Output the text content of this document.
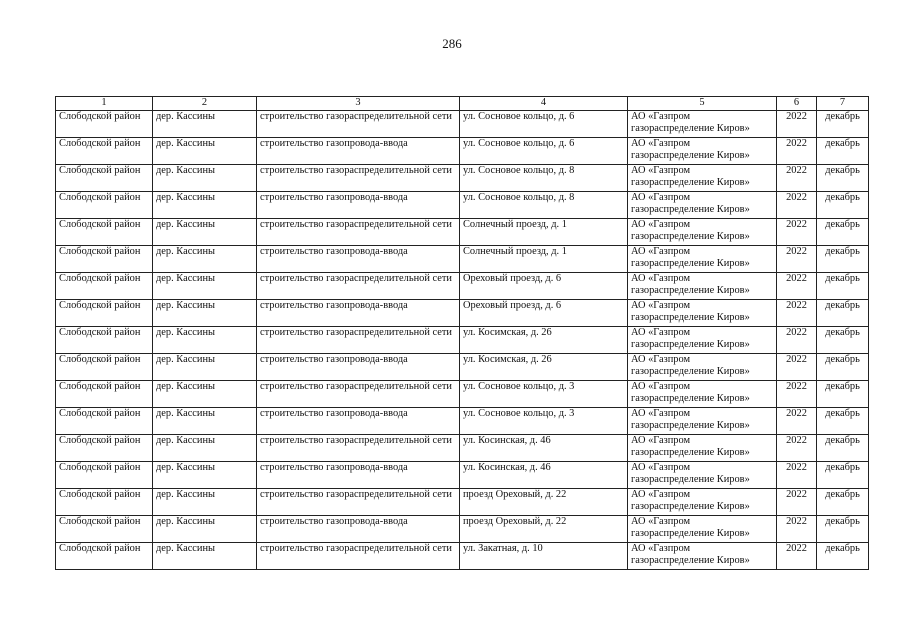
286
1	2	3	4	5	6	7
Слободской район	дер. Кассины	строительство газораспределительной сети	ул. Сосновое кольцо, д. 6	АО «Газпром газораспределение Киров»	2022	декабрь
Слободской район	дер. Кассины	строительство газопровода-ввода	ул. Сосновое кольцо, д. 6	АО «Газпром газораспределение Киров»	2022	декабрь
Слободской район	дер. Кассины	строительство газораспределительной сети	ул. Сосновое кольцо, д. 8	АО «Газпром газораспределение Киров»	2022	декабрь
Слободской район	дер. Кассины	строительство газопровода-ввода	ул. Сосновое кольцо, д. 8	АО «Газпром газораспределение Киров»	2022	декабрь
Слободской район	дер. Кассины	строительство газораспределительной сети	Солнечный проезд, д. 1	АО «Газпром газораспределение Киров»	2022	декабрь
Слободской район	дер. Кассины	строительство газопровода-ввода	Солнечный проезд, д. 1	АО «Газпром газораспределение Киров»	2022	декабрь
Слободской район	дер. Кассины	строительство газораспределительной сети	Ореховый проезд, д. 6	АО «Газпром газораспределение Киров»	2022	декабрь
Слободской район	дер. Кассины	строительство газопровода-ввода	Ореховый проезд, д. 6	АО «Газпром газораспределение Киров»	2022	декабрь
Слободской район	дер. Кассины	строительство газораспределительной сети	ул. Косимская, д. 26	АО «Газпром газораспределение Киров»	2022	декабрь
Слободской район	дер. Кассины	строительство газопровода-ввода	ул. Косимская, д. 26	АО «Газпром газораспределение Киров»	2022	декабрь
Слободской район	дер. Кассины	строительство газораспределительной сети	ул. Сосновое кольцо, д. 3	АО «Газпром газораспределение Киров»	2022	декабрь
Слободской район	дер. Кассины	строительство газопровода-ввода	ул. Сосновое кольцо, д. 3	АО «Газпром газораспределение Киров»	2022	декабрь
Слободской район	дер. Кассины	строительство газораспределительной сети	ул. Косинская, д. 46	АО «Газпром газораспределение Киров»	2022	декабрь
Слободской район	дер. Кассины	строительство газопровода-ввода	ул. Косинская, д. 46	АО «Газпром газораспределение Киров»	2022	декабрь
Слободской район	дер. Кассины	строительство газораспределительной сети	проезд Ореховый, д. 22	АО «Газпром газораспределение Киров»	2022	декабрь
Слободской район	дер. Кассины	строительство газопровода-ввода	проезд Ореховый, д. 22	АО «Газпром газораспределение Киров»	2022	декабрь
Слободской район	дер. Кассины	строительство газораспределительной сети	ул. Закатная, д. 10	АО «Газпром газораспределение Киров»	2022	декабрь
